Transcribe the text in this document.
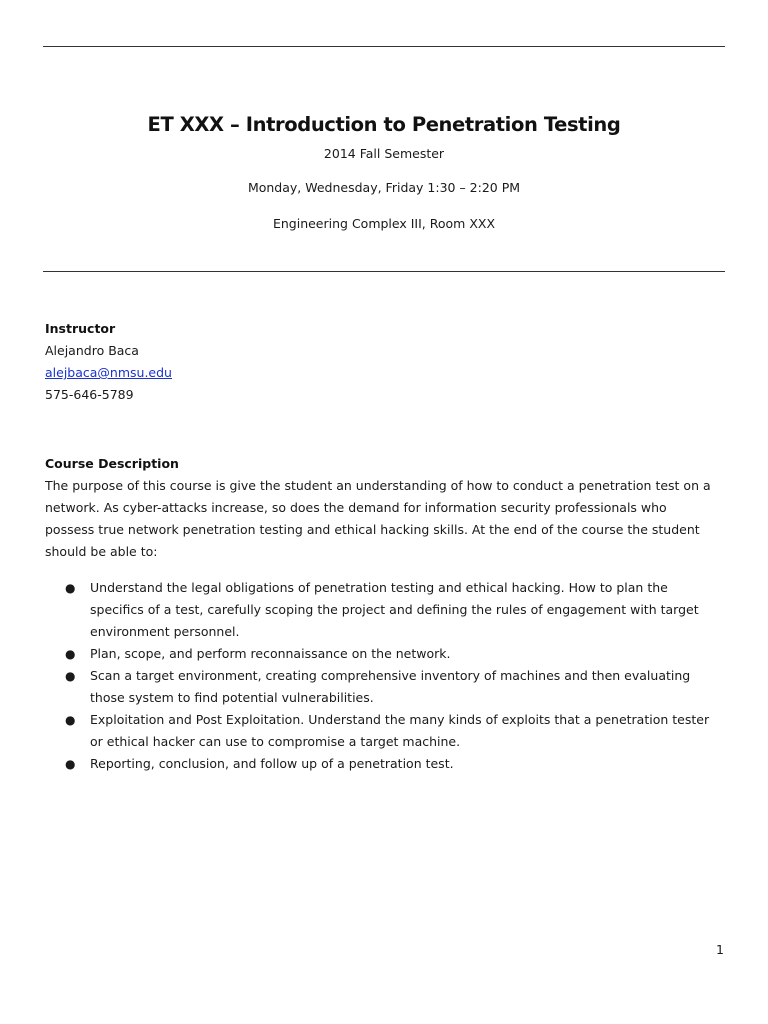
ET XXX – Introduction to Penetration Testing
2014 Fall Semester
Monday, Wednesday, Friday 1:30 – 2:20 PM
Engineering Complex III, Room XXX
Instructor
Alejandro Baca
alejbaca@nmsu.edu
575-646-5789
Course Description

The purpose of this course is give the student an understanding of how to conduct a penetration test on a network. As cyber-attacks increase, so does the demand for information security professionals who possess true network penetration testing and ethical hacking skills. At the end of the course the student should be able to:

● Understand the legal obligations of penetration testing and ethical hacking. How to plan the specifics of a test, carefully scoping the project and defining the rules of engagement with target environment personnel.
● Plan, scope, and perform reconnaissance on the network.
● Scan a target environment, creating comprehensive inventory of machines and then evaluating those system to find potential vulnerabilities.
● Exploitation and Post Exploitation. Understand the many kinds of exploits that a penetration tester or ethical hacker can use to compromise a target machine.
● Reporting, conclusion, and follow up of a penetration test.
1
